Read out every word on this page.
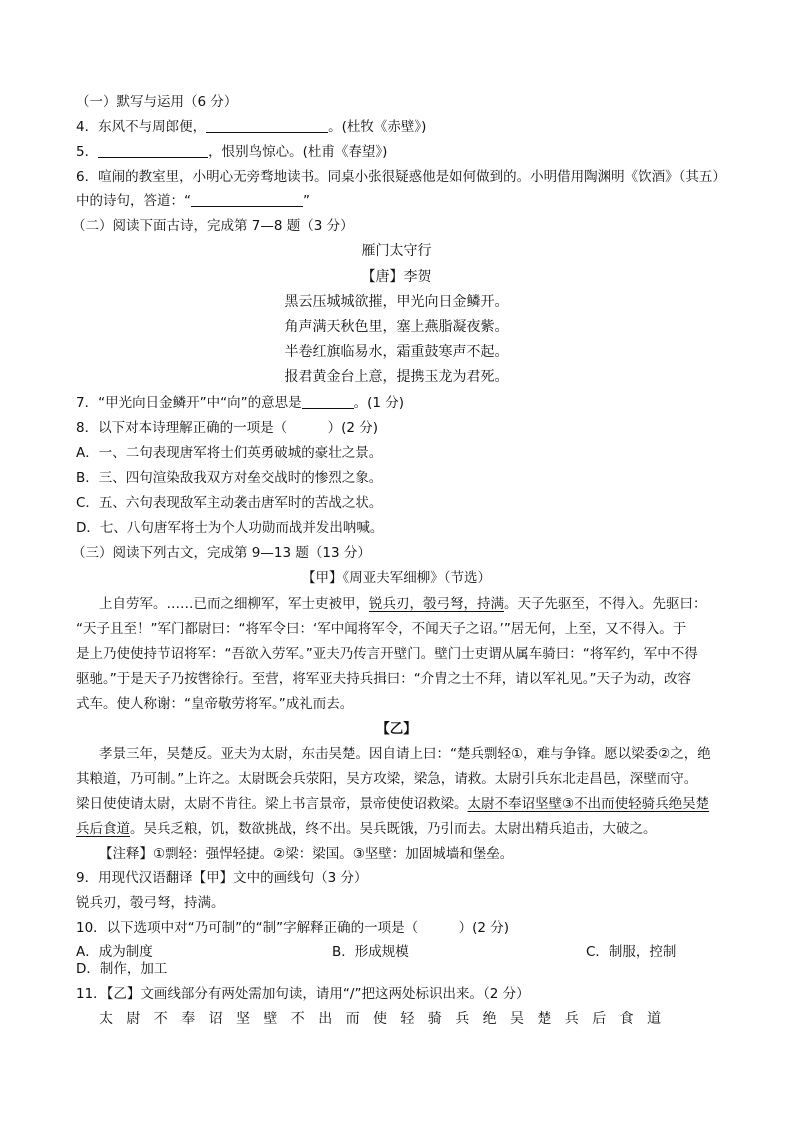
（一）默写与运用（6 分）
4．东风不与周郎便，	。(杜牧《赤壁》)
5．	，恨别鸟惊心。(杜甫《春望》)
6．喧闹的教室里，小明心无旁骛地读书。同桌小张很疑惑他是如何做到的。小明借用陶渊明《饮酒》（其五）
中的诗句，答道：“	”
（二）阅读下面古诗，完成第 7—8 题（3 分）
雁门太守行
【唐】李贺
黑云压城城欲摧，甲光向日金鳞开。
角声满天秋色里，塞上燕脂凝夜紫。
半卷红旗临易水，霜重鼓寒声不起。
报君黄金台上意，提携玉龙为君死。
7．“甲光向日金鳞开”中“向”的意思是	。(1 分)
8．以下对本诗理解正确的一项是（　　　）(2 分)
A．一、二句表现唐军将士们英勇破城的豪壮之景。
B．三、四句渲染敌我双方对垒交战时的惨烈之象。
C．五、六句表现敌军主动袭击唐军时的苦战之状。
D．七、八句唐军将士为个人功勋而战并发出呐喊。
（三）阅读下列古文，完成第 9—13 题（13 分）
【甲】《周亚夫军细柳》（节选）
上自劳军。……已而之细柳军，军士吏被甲，锐兵刃，彀弓弩，持满。天子先驱至，不得入。先驱曰：
“天子且至！”军门都尉曰：“将军令曰：‘军中闻将军令，不闻天子之诏。’”居无何，上至，又不得入。于
是上乃使使持节诏将军：“吾欲入劳军。”亚夫乃传言开壁门。壁门士吏谓从属车骑曰：“将军约，军中不得
驱驰。”于是天子乃按辔徐行。至营，将军亚夫持兵揖曰：“介胄之士不拜，请以军礼见。”天子为动，改容
式车。使人称谢：“皇帝敬劳将军。”成礼而去。
【乙】
孝景三年，吴楚反。亚夫为太尉，东击吴楚。因自请上曰：“楚兵剽轻①，难与争锋。愿以梁委②之，绝
其粮道，乃可制。”上许之。太尉既会兵荥阳，吴方攻梁，梁急，请救。太尉引兵东北走昌邑，深壁而守。
梁日使使请太尉，太尉不肯往。梁上书言景帝，景帝使使诏救梁。太尉不奉诏坚壁③不出而使轻骑兵绝吴楚
兵后食道。吴兵乏粮，饥，数欲挑战，终不出。吴兵既饿，乃引而去。太尉出精兵追击，大破之。
【注释】①剽轻：强悍轻捷。②梁：梁国。③坚壁：加固城墙和堡垒。
9．用现代汉语翻译【甲】文中的画线句（3 分）
锐兵刃，彀弓弩，持满。
10．以下选项中对“乃可制”的“制”字解释正确的一项是（　　　）(2 分)
A．成为制度	B．形成规模	C．制服，控制
D．制作，加工
11．【乙】文画线部分有两处需加句读，请用“/”把这两处标识出来。（2 分）
太尉不奉诏坚壁不出而使轻骑兵绝吴楚兵后食道
